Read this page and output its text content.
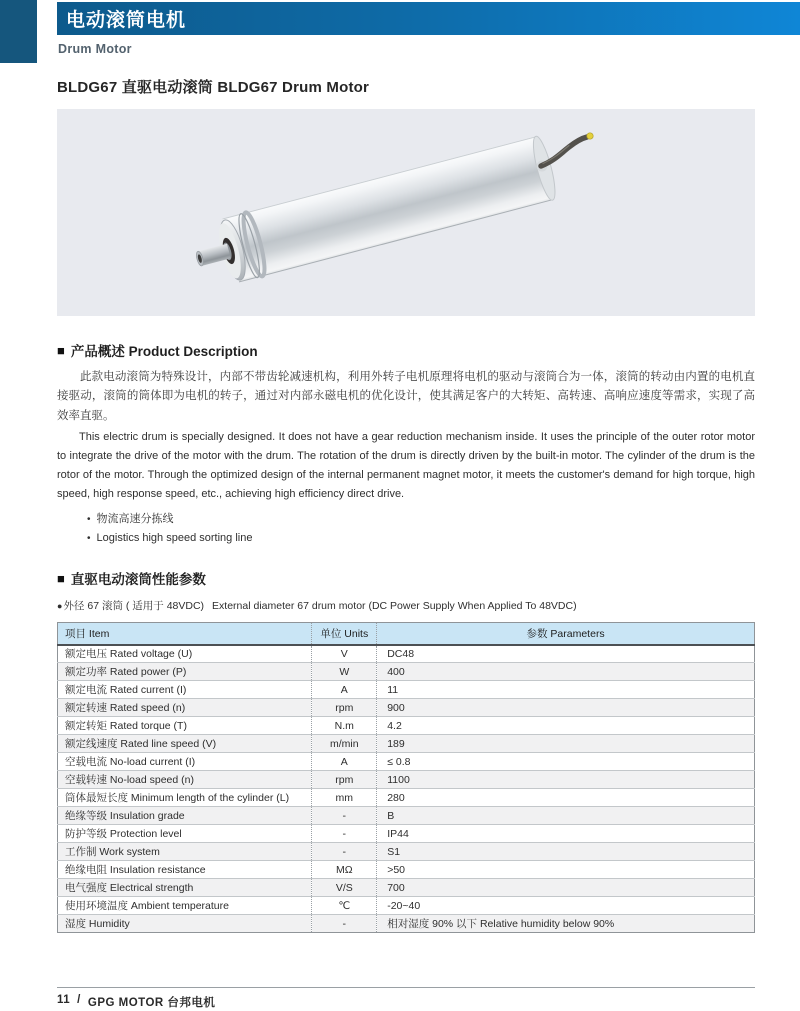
电动滚筒电机
Drum Motor
BLDG67 直驱电动滚筒 BLDG67 Drum Motor
■ 产品概述 Product Description

此款电动滚筒为特殊设计，内部不带齿轮减速机构，利用外转子电机原理将电机的驱动与滚筒合为一体，滚筒的转动由内置的电机直接驱动，滚筒的筒体即为电机的转子，通过对内部永磁电机的优化设计，使其满足客户的大转矩、高转速、高响应速度等需求，实现了高效率直驱。

This electric drum is specially designed. It does not have a gear reduction mechanism inside. It uses the principle of the outer rotor motor to integrate the drive of the motor with the drum. The rotation of the drum is directly driven by the built-in motor. The cylinder of the drum is the rotor of the motor. Through the optimized design of the internal permanent magnet motor, it meets the customer's demand for high torque, high speed, high response speed, etc., achieving high efficiency direct drive.

• 物流高速分拣线
• Logistics high speed sorting line
■ 直驱电动滚筒性能参数
● 外径 67 滚筒 ( 适用于 48VDC) External diameter 67 drum motor (DC Power Supply When Applied To 48VDC)
项目 Item	单位 Units	参数 Parameters
额定电压 Rated voltage (U)	V	DC48
额定功率 Rated power (P)	W	400
额定电流 Rated current (I)	A	11
额定转速 Rated speed (n)	rpm	900
额定转矩 Rated torque (T)	N.m	4.2
额定线速度 Rated line speed (V)	m/min	189
空载电流 No-load current (I)	A	≤ 0.8
空载转速 No-load speed (n)	rpm	1100
筒体最短长度 Minimum length of the cylinder (L)	mm	280
绝缘等级 Insulation grade	-	B
防护等级 Protection level	-	IP44
工作制 Work system	-	S1
绝缘电阻 Insulation resistance	MΩ	>50
电气强度 Electrical strength	V/S	700
使用环境温度 Ambient temperature	℃	-20~40
湿度 Humidity	-	相对湿度 90% 以下 Relative humidity below 90%
11 / GPG MOTOR 台邦电机
